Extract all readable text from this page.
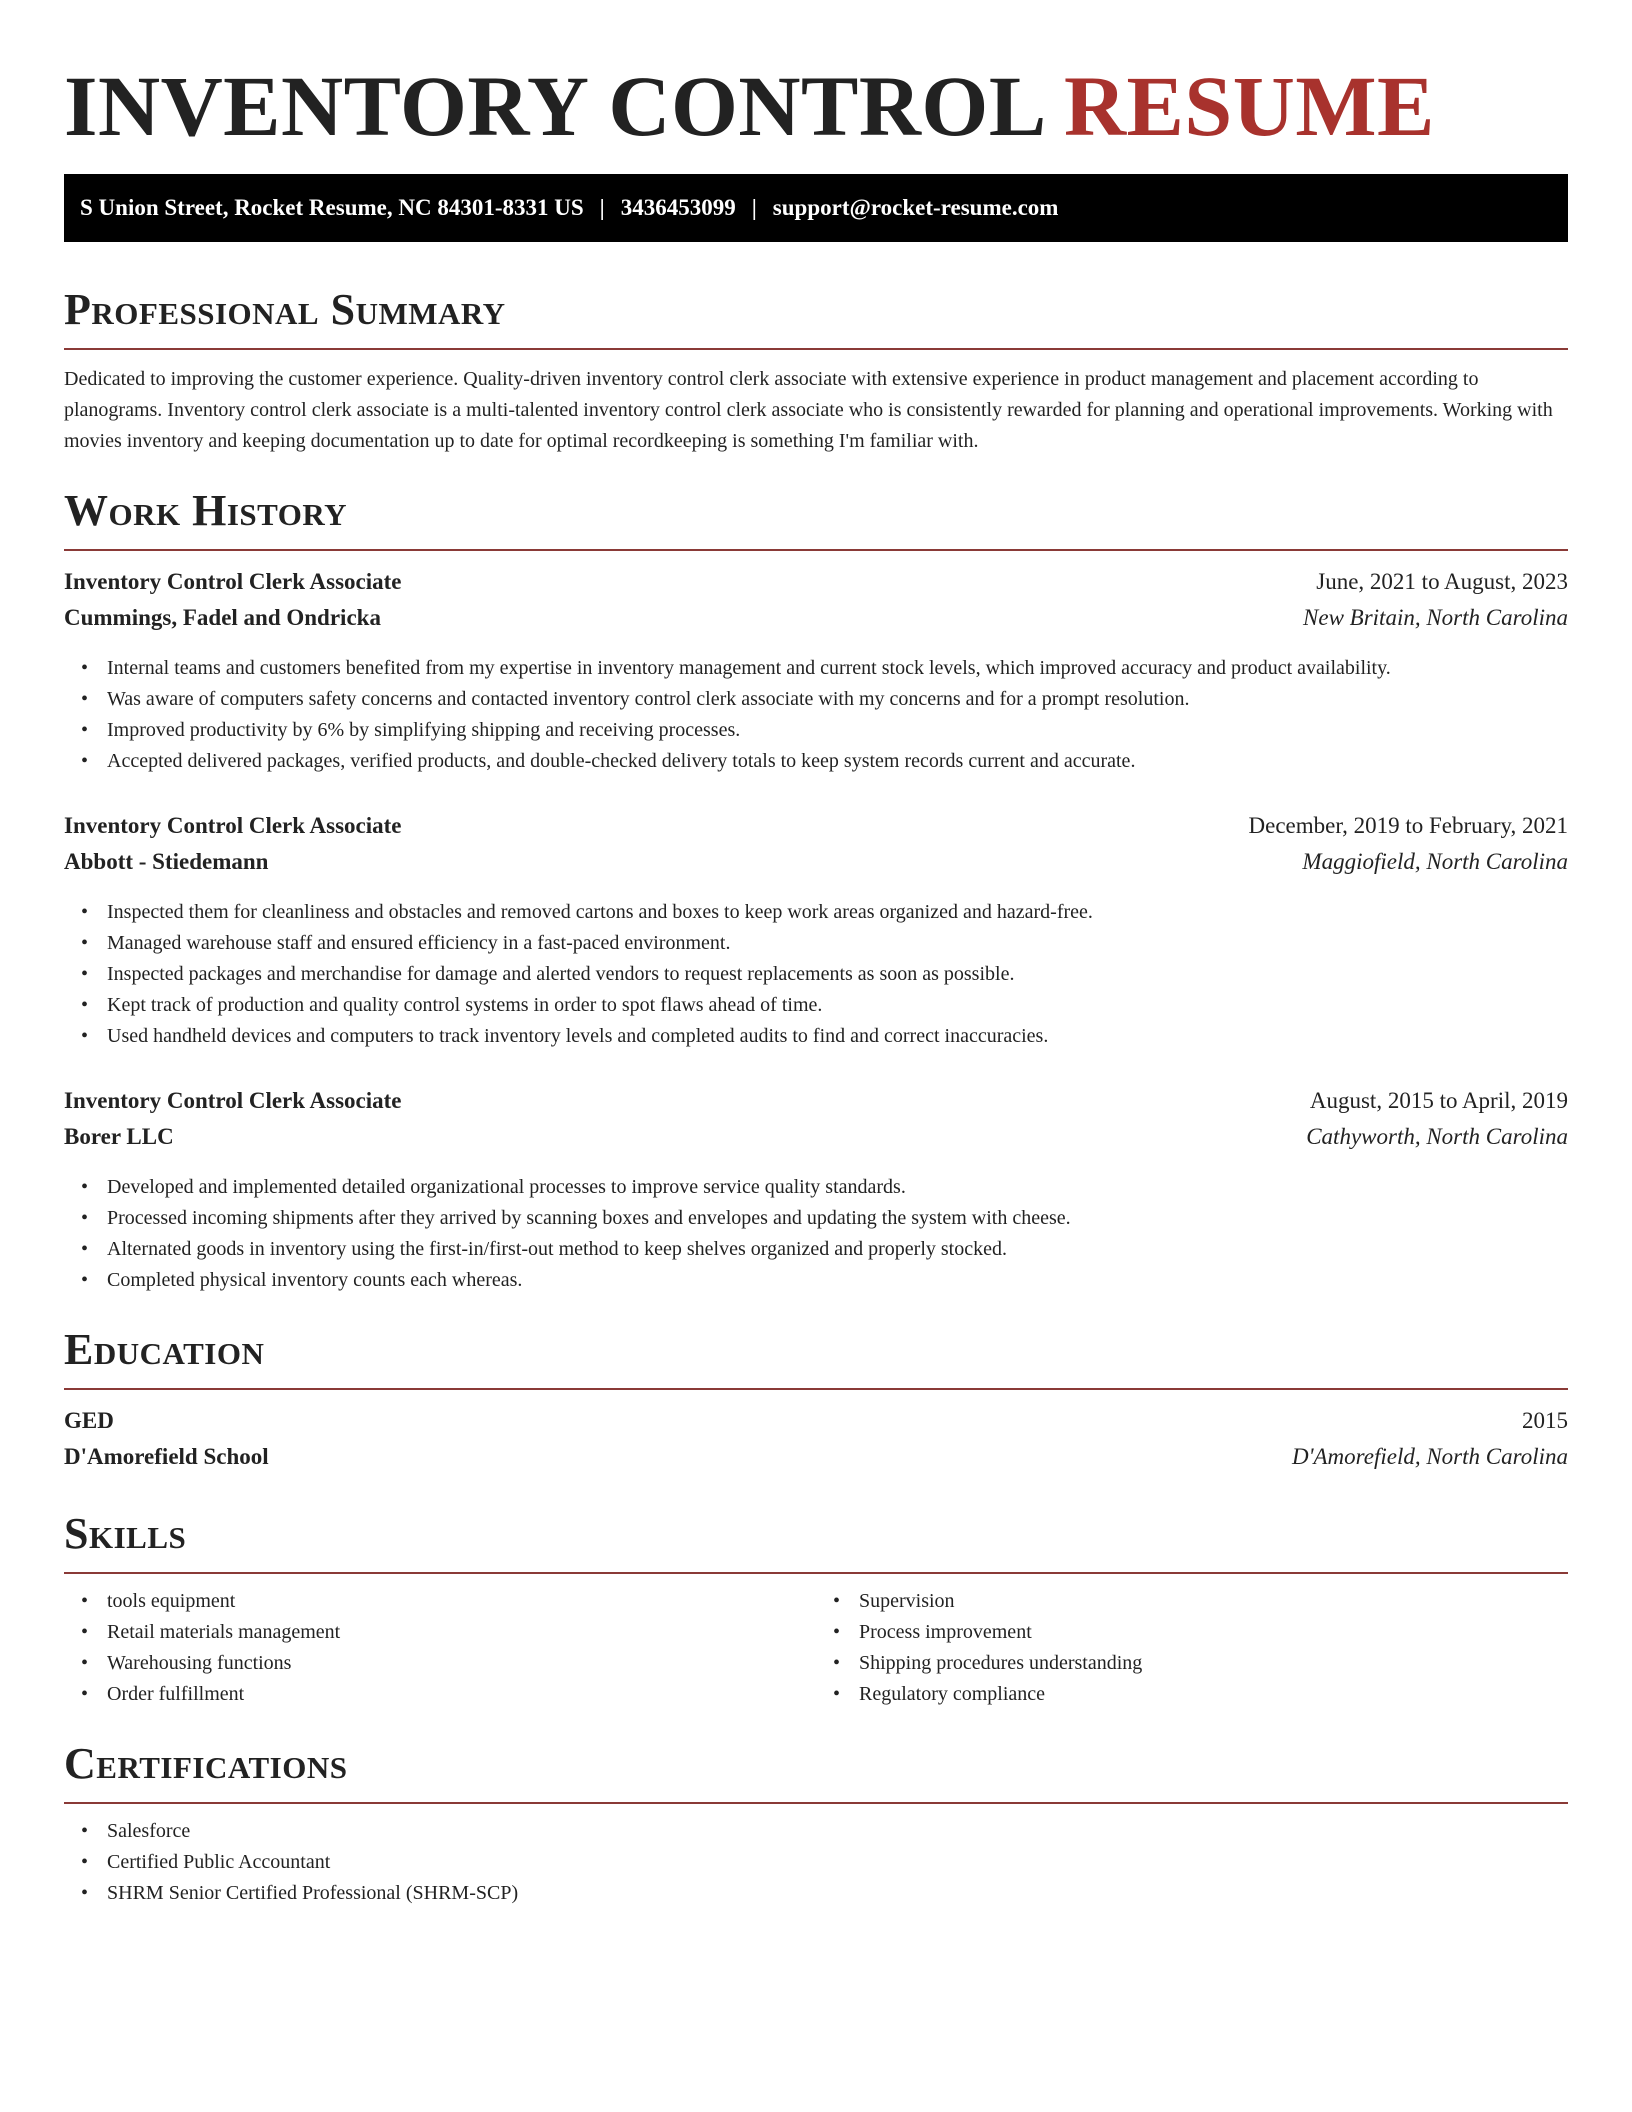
INVENTORY CONTROL RESUME
S Union Street, Rocket Resume, NC 84301-8331 US | 3436453099 | support@rocket-resume.com
Professional Summary

Dedicated to improving the customer experience. Quality-driven inventory control clerk associate with extensive experience in product management and placement according to planograms. Inventory control clerk associate is a multi-talented inventory control clerk associate who is consistently rewarded for planning and operational improvements. Working with movies inventory and keeping documentation up to date for optimal recordkeeping is something I'm familiar with.

Work History
Inventory Control Clerk Associate	June, 2021 to August, 2023
Cummings, Fadel and Ondricka	New Britain, North Carolina
• Internal teams and customers benefited from my expertise in inventory management and current stock levels, which improved accuracy and product availability.
• Was aware of computers safety concerns and contacted inventory control clerk associate with my concerns and for a prompt resolution.
• Improved productivity by 6% by simplifying shipping and receiving processes.
• Accepted delivered packages, verified products, and double-checked delivery totals to keep system records current and accurate.
Inventory Control Clerk Associate	December, 2019 to February, 2021
Abbott - Stiedemann	Maggiofield, North Carolina
• Inspected them for cleanliness and obstacles and removed cartons and boxes to keep work areas organized and hazard-free.
• Managed warehouse staff and ensured efficiency in a fast-paced environment.
• Inspected packages and merchandise for damage and alerted vendors to request replacements as soon as possible.
• Kept track of production and quality control systems in order to spot flaws ahead of time.
• Used handheld devices and computers to track inventory levels and completed audits to find and correct inaccuracies.
Inventory Control Clerk Associate	August, 2015 to April, 2019
Borer LLC	Cathyworth, North Carolina
• Developed and implemented detailed organizational processes to improve service quality standards.
• Processed incoming shipments after they arrived by scanning boxes and envelopes and updating the system with cheese.
• Alternated goods in inventory using the first-in/first-out method to keep shelves organized and properly stocked.
• Completed physical inventory counts each whereas.
Education
GED	2015
D'Amorefield School	D'Amorefield, North Carolina
Skills
• tools equipment
• Retail materials management
• Warehousing functions
• Order fulfillment
• Supervision
• Process improvement
• Shipping procedures understanding
• Regulatory compliance
Certifications
• Salesforce
• Certified Public Accountant
• SHRM Senior Certified Professional (SHRM-SCP)
